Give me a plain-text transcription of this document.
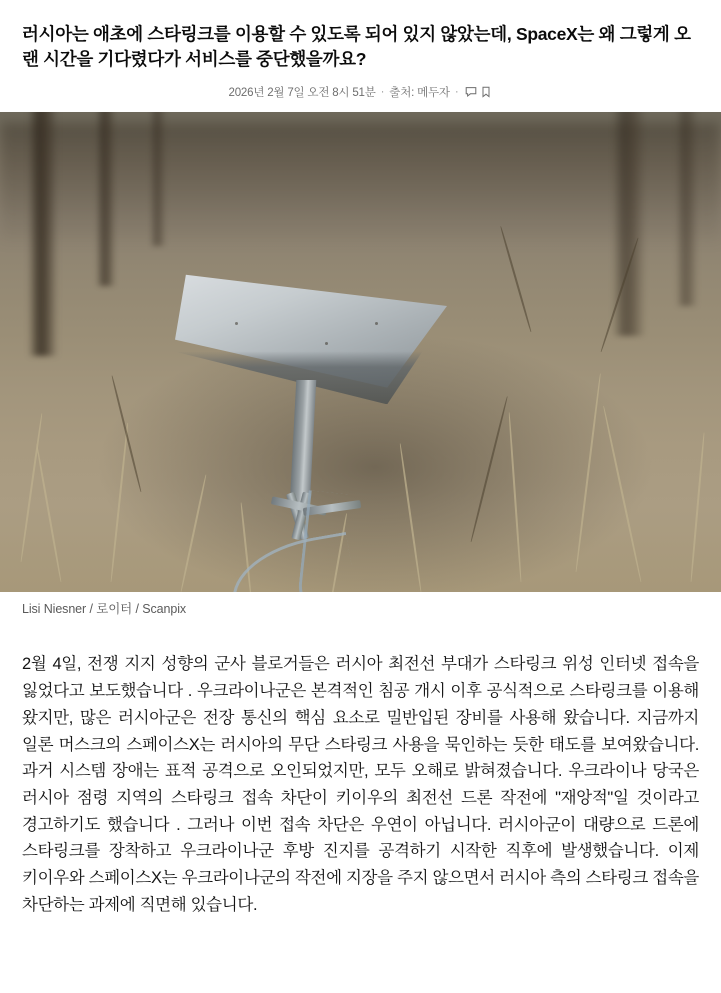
러시아는 애초에 스타링크를 이용할 수 있도록 되어 있지 않았는데, SpaceX는 왜 그렇게 오랜 시간을 기다렸다가 서비스를 중단했을까요?
2026년 2월 7일 오전 8시 51분 · 출처: 메두자 ·
Lisi Niesner / 로이터 / Scanpix

2월 4일, 전쟁 지지 성향의 군사 블로거들은 러시아 최전선 부대가 스타링크 위성 인터넷 접속을 잃었다고 보도했습니다 . 우크라이나군은 본격적인 침공 개시 이후 공식적으로 스타링크를 이용해 왔지만, 많은 러시아군은 전장 통신의 핵심 요소로 밀반입된 장비를 사용해 왔습니다. 지금까지 일론 머스크의 스페이스X는 러시아의 무단 스타링크 사용을 묵인하는 듯한 태도를 보여왔습니다. 과거 시스템 장애는 표적 공격으로 오인되었지만, 모두 오해로 밝혀졌습니다. 우크라이나 당국은 러시아 점령 지역의 스타링크 접속 차단이 키이우의 최전선 드론 작전에 "재앙적"일 것이라고 경고하기도 했습니다 . 그러나 이번 접속 차단은 우연이 아닙니다. 러시아군이 대량으로 드론에 스타링크를 장착하고 우크라이나군 후방 진지를 공격하기 시작한 직후에 발생했습니다. 이제 키이우와 스페이스X는 우크라이나군의 작전에 지장을 주지 않으면서 러시아 측의 스타링크 접속을 차단하는 과제에 직면해 있습니다.
